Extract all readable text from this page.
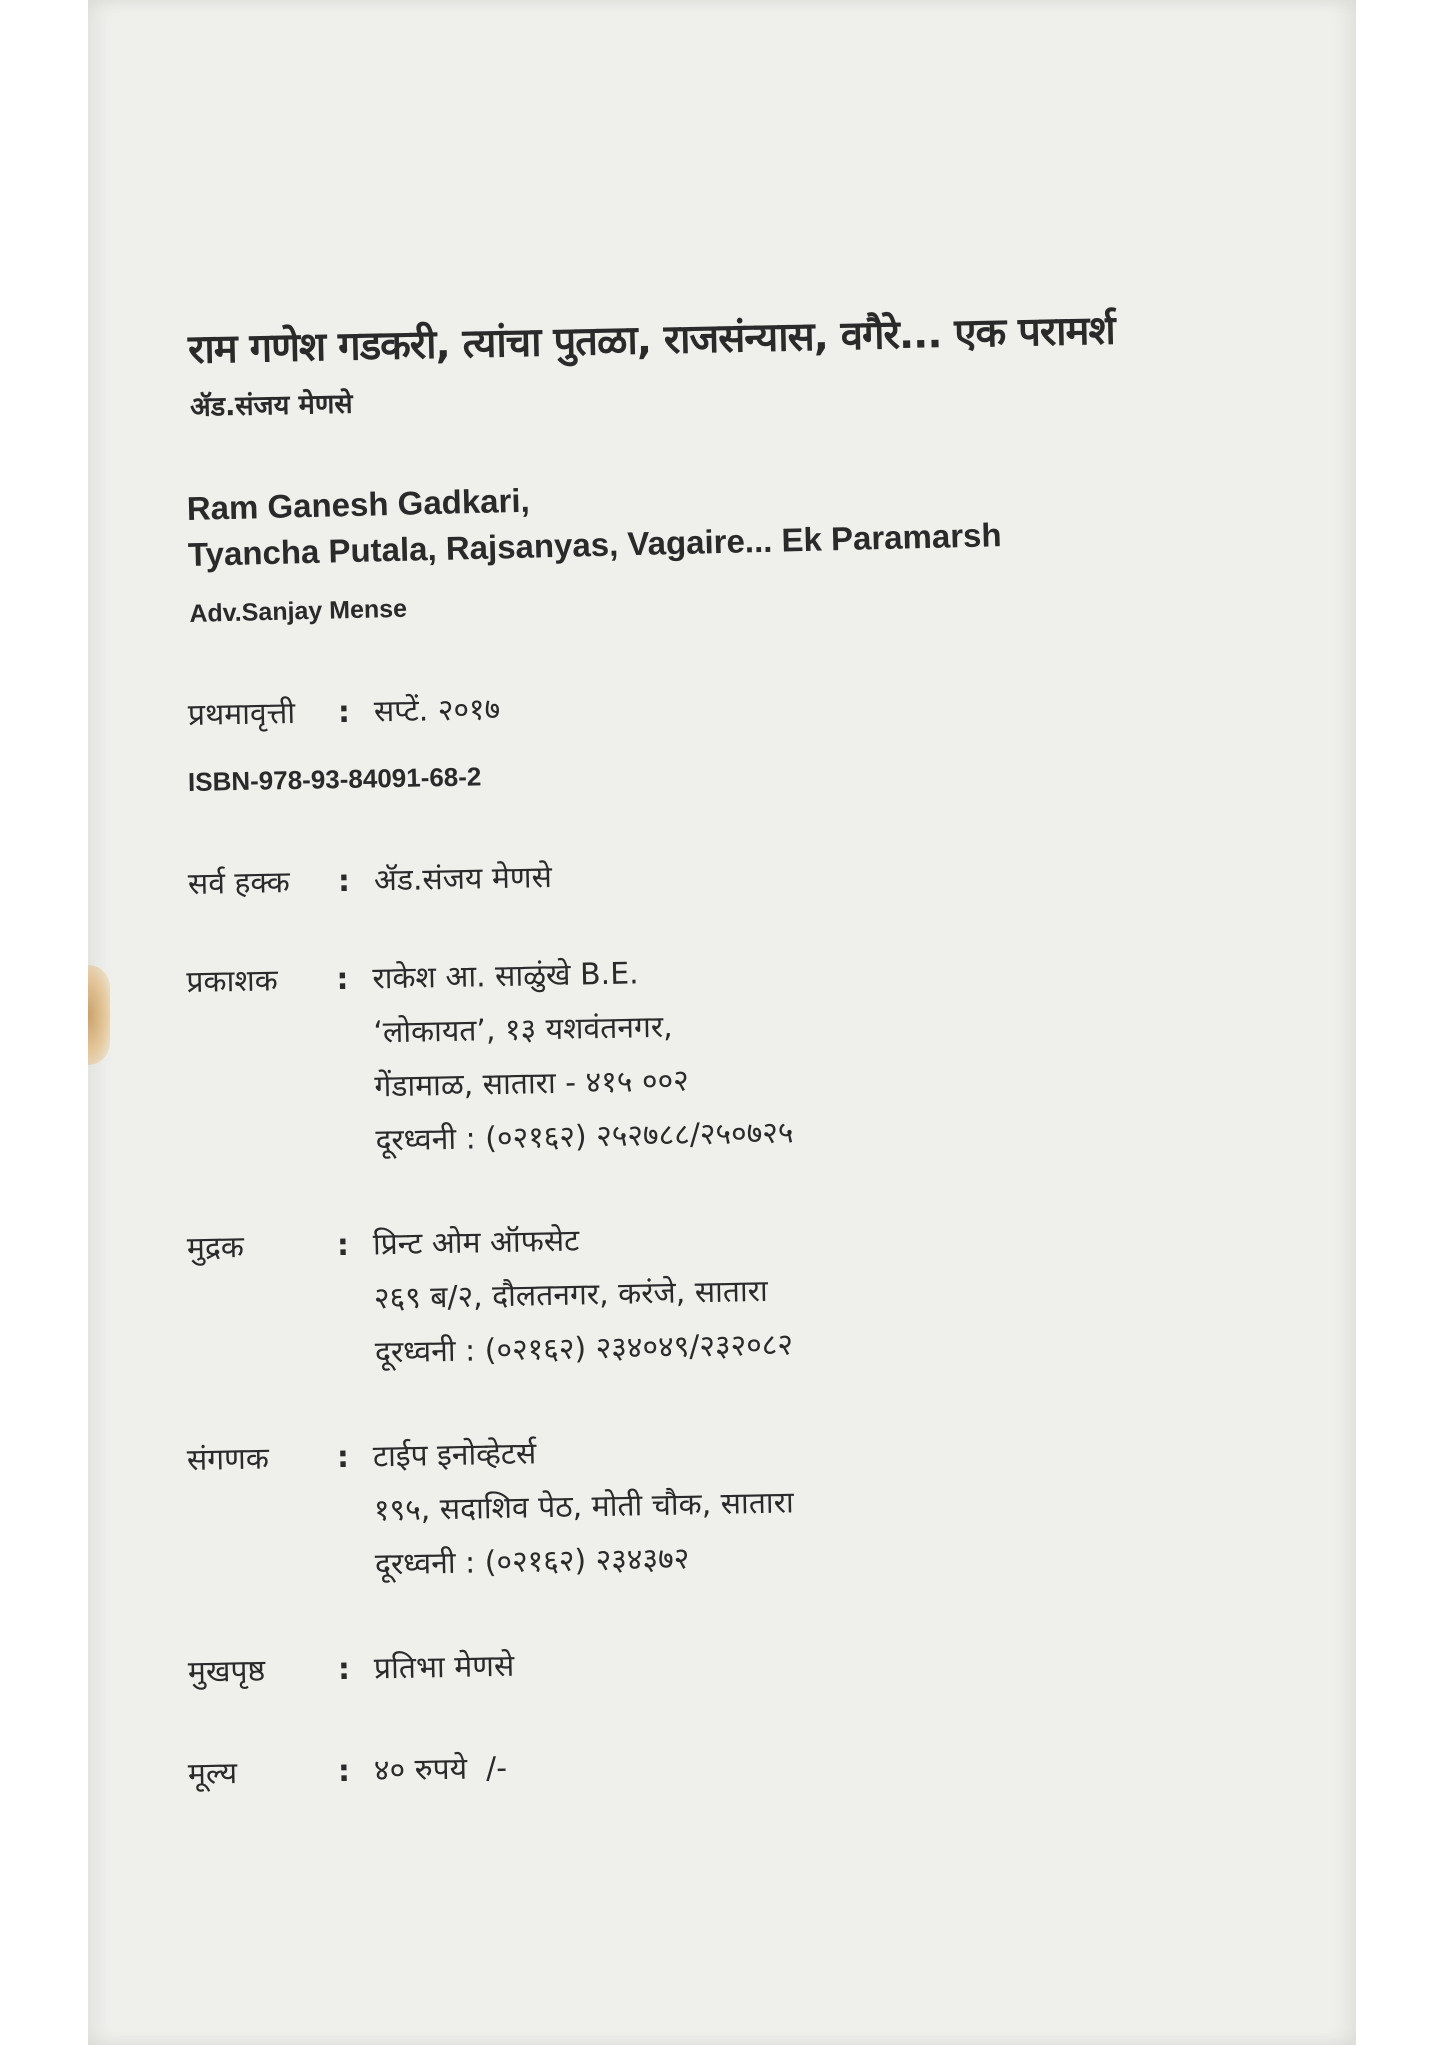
राम गणेश गडकरी, त्यांचा पुतळा, राजसंन्यास, वगैरे... एक परामर्श
ॲड.संजय मेणसे
Ram Ganesh Gadkari,
Tyancha Putala, Rajsanyas, Vagaire... Ek Paramarsh
Adv.Sanjay Mense
प्रथमावृत्ती	: सप्टें. २०१७
ISBN-978-93-84091-68-2
सर्व हक्क	: ॲड.संजय मेणसे
प्रकाशक	: राकेश आ. साळुंखे B.E.
‘लोकायत’, १३ यशवंतनगर,
गेंडामाळ, सातारा - ४१५ ००२
दूरध्वनी : (०२१६२) २५२७८८/२५०७२५
मुद्रक	: प्रिन्ट ओम ऑफसेट
२६९ ब/२, दौलतनगर, करंजे, सातारा
दूरध्वनी : (०२१६२) २३४०४९/२३२०८२
संगणक	: टाईप इनोव्हेटर्स
१९५, सदाशिव पेठ, मोती चौक, सातारा
दूरध्वनी : (०२१६२) २३४३७२
मुखपृष्ठ	: प्रतिभा मेणसे
मूल्य	: ४० रुपये  /-
